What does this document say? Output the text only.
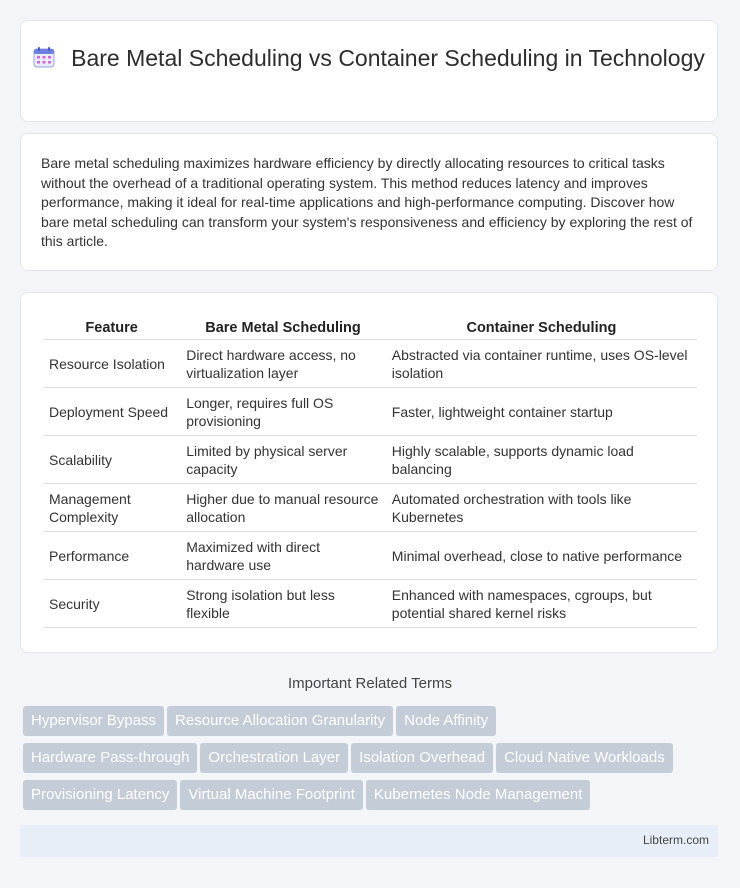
Bare Metal Scheduling vs Container Scheduling in Technology
Bare metal scheduling maximizes hardware efficiency by directly allocating resources to critical tasks without the overhead of a traditional operating system. This method reduces latency and improves performance, making it ideal for real-time applications and high-performance computing. Discover how bare metal scheduling can transform your system's responsiveness and efficiency by exploring the rest of this article.
Feature	Bare Metal Scheduling	Container Scheduling
Resource Isolation	Direct hardware access, no virtualization layer	Abstracted via container runtime, uses OS-level isolation
Deployment Speed	Longer, requires full OS provisioning	Faster, lightweight container startup
Scalability	Limited by physical server capacity	Highly scalable, supports dynamic load balancing
Management Complexity	Higher due to manual resource allocation	Automated orchestration with tools like Kubernetes
Performance	Maximized with direct hardware use	Minimal overhead, close to native performance
Security	Strong isolation but less flexible	Enhanced with namespaces, cgroups, but potential shared kernel risks
Important Related Terms
Hypervisor Bypass Resource Allocation Granularity Node Affinity
Hardware Pass-through Orchestration Layer Isolation Overhead Cloud Native Workloads
Provisioning Latency Virtual Machine Footprint Kubernetes Node Management
Libterm.com
